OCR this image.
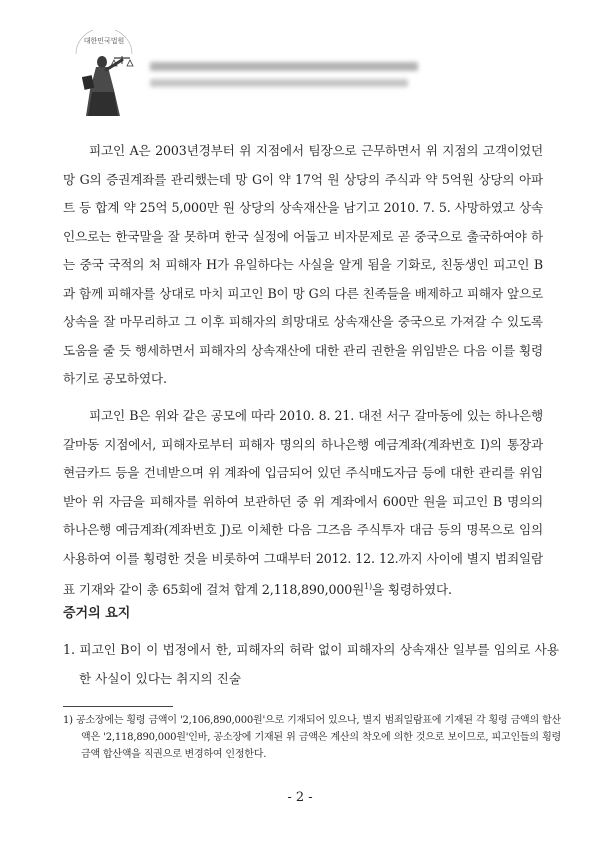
대한민국법원

피고인 A은 2003년경부터 위 지점에서 팀장으로 근무하면서 위 지점의 고객이었던 망 G의 증권계좌를 관리했는데 망 G이 약 17억 원 상당의 주식과 약 5억원 상당의 아파트 등 합계 약 25억 5,000만 원 상당의 상속재산을 남기고 2010. 7. 5. 사망하였고 상속인으로는 한국말을 잘 못하며 한국 실정에 어둡고 비자문제로 곧 중국으로 출국하여야 하는 중국 국적의 처 피해자 H가 유일하다는 사실을 알게 됨을 기화로, 친동생인 피고인 B과 함께 피해자를 상대로 마치 피고인 B이 망 G의 다른 친족들을 배제하고 피해자 앞으로 상속을 잘 마무리하고 그 이후 피해자의 희망대로 상속재산을 중국으로 가져갈 수 있도록 도움을 줄 듯 행세하면서 피해자의 상속재산에 대한 관리 권한을 위임받은 다음 이를 횡령하기로 공모하였다.

피고인 B은 위와 같은 공모에 따라 2010. 8. 21. 대전 서구 갈마동에 있는 하나은행 갈마동 지점에서, 피해자로부터 피해자 명의의 하나은행 예금계좌(계좌번호 I)의 통장과 현금카드 등을 건네받으며 위 계좌에 입금되어 있던 주식매도자금 등에 대한 관리를 위임받아 위 자금을 피해자를 위하여 보관하던 중 위 계좌에서 600만 원을 피고인 B 명의의 하나은행 예금계좌(계좌번호 J)로 이체한 다음 그즈음 주식투자 대금 등의 명목으로 임의사용하여 이를 횡령한 것을 비롯하여 그때부터 2012. 12. 12.까지 사이에 별지 범죄일람표 기재와 같이 총 65회에 걸쳐 합계 2,118,890,000원$^{1)}$을 횡령하였다.

증거의 요지

1. 피고인 B이 이 법정에서 한, 피해자의 허락 없이 피해자의 상속재산 일부를 임의로 사용한 사실이 있다는 취지의 진술

1) 공소장에는 횡령 금액이 '2,106,890,000원'으로 기재되어 있으나, 별지 범죄일람표에 기재된 각 횡령 금액의 합산액은 '2,118,890,000원'인바, 공소장에 기재된 위 금액은 계산의 착오에 의한 것으로 보이므로, 피고인들의 횡령 금액 합산액을 직권으로 변경하여 인정한다.

- 2 -
